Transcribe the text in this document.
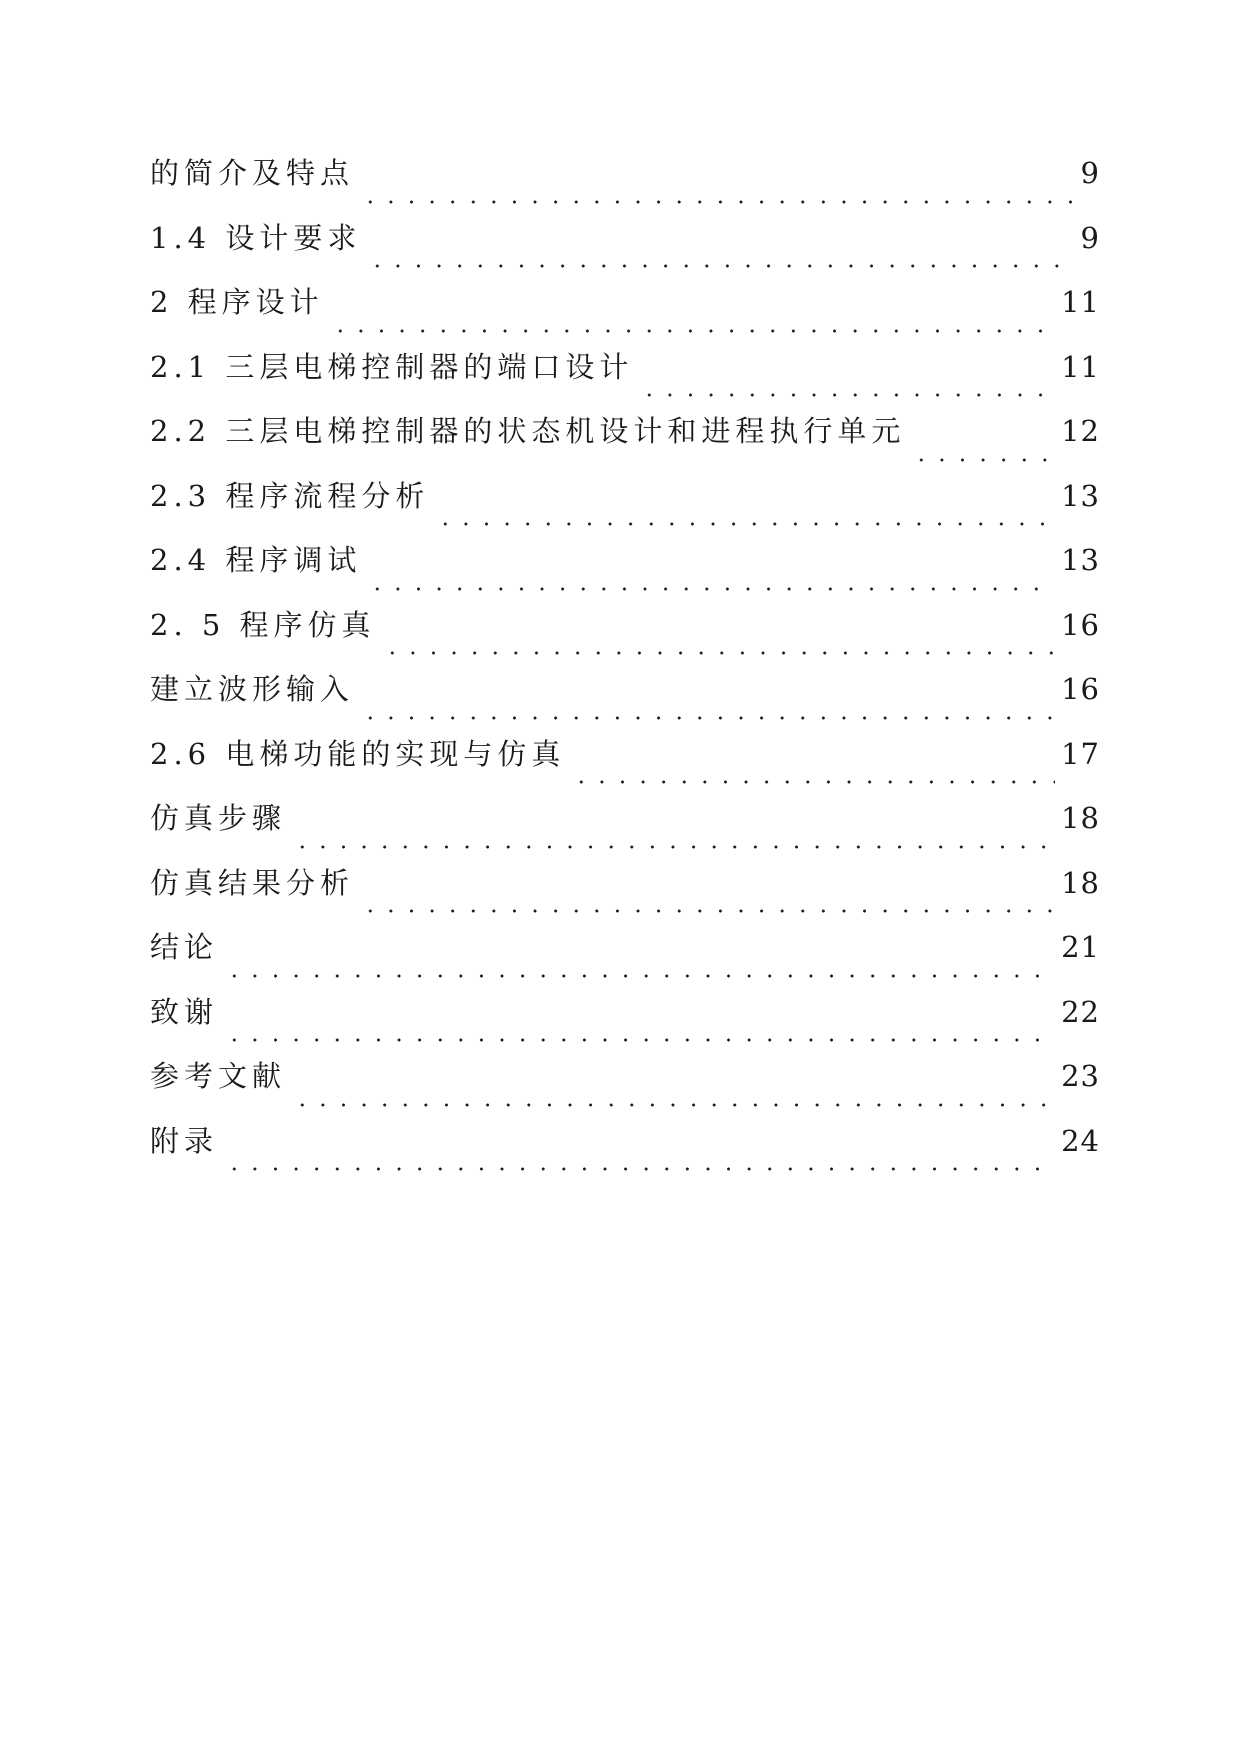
的简介及特点	9
1.4 设计要求	9
2 程序设计	11
2.1 三层电梯控制器的端口设计	11
2.2 三层电梯控制器的状态机设计和进程执行单元	12
2.3 程序流程分析	13
2.4 程序调试	13
2. 5 程序仿真	16
建立波形输入	16
2.6 电梯功能的实现与仿真	17
仿真步骤	18
仿真结果分析	18
结论	21
致谢	22
参考文献	23
附录	24
